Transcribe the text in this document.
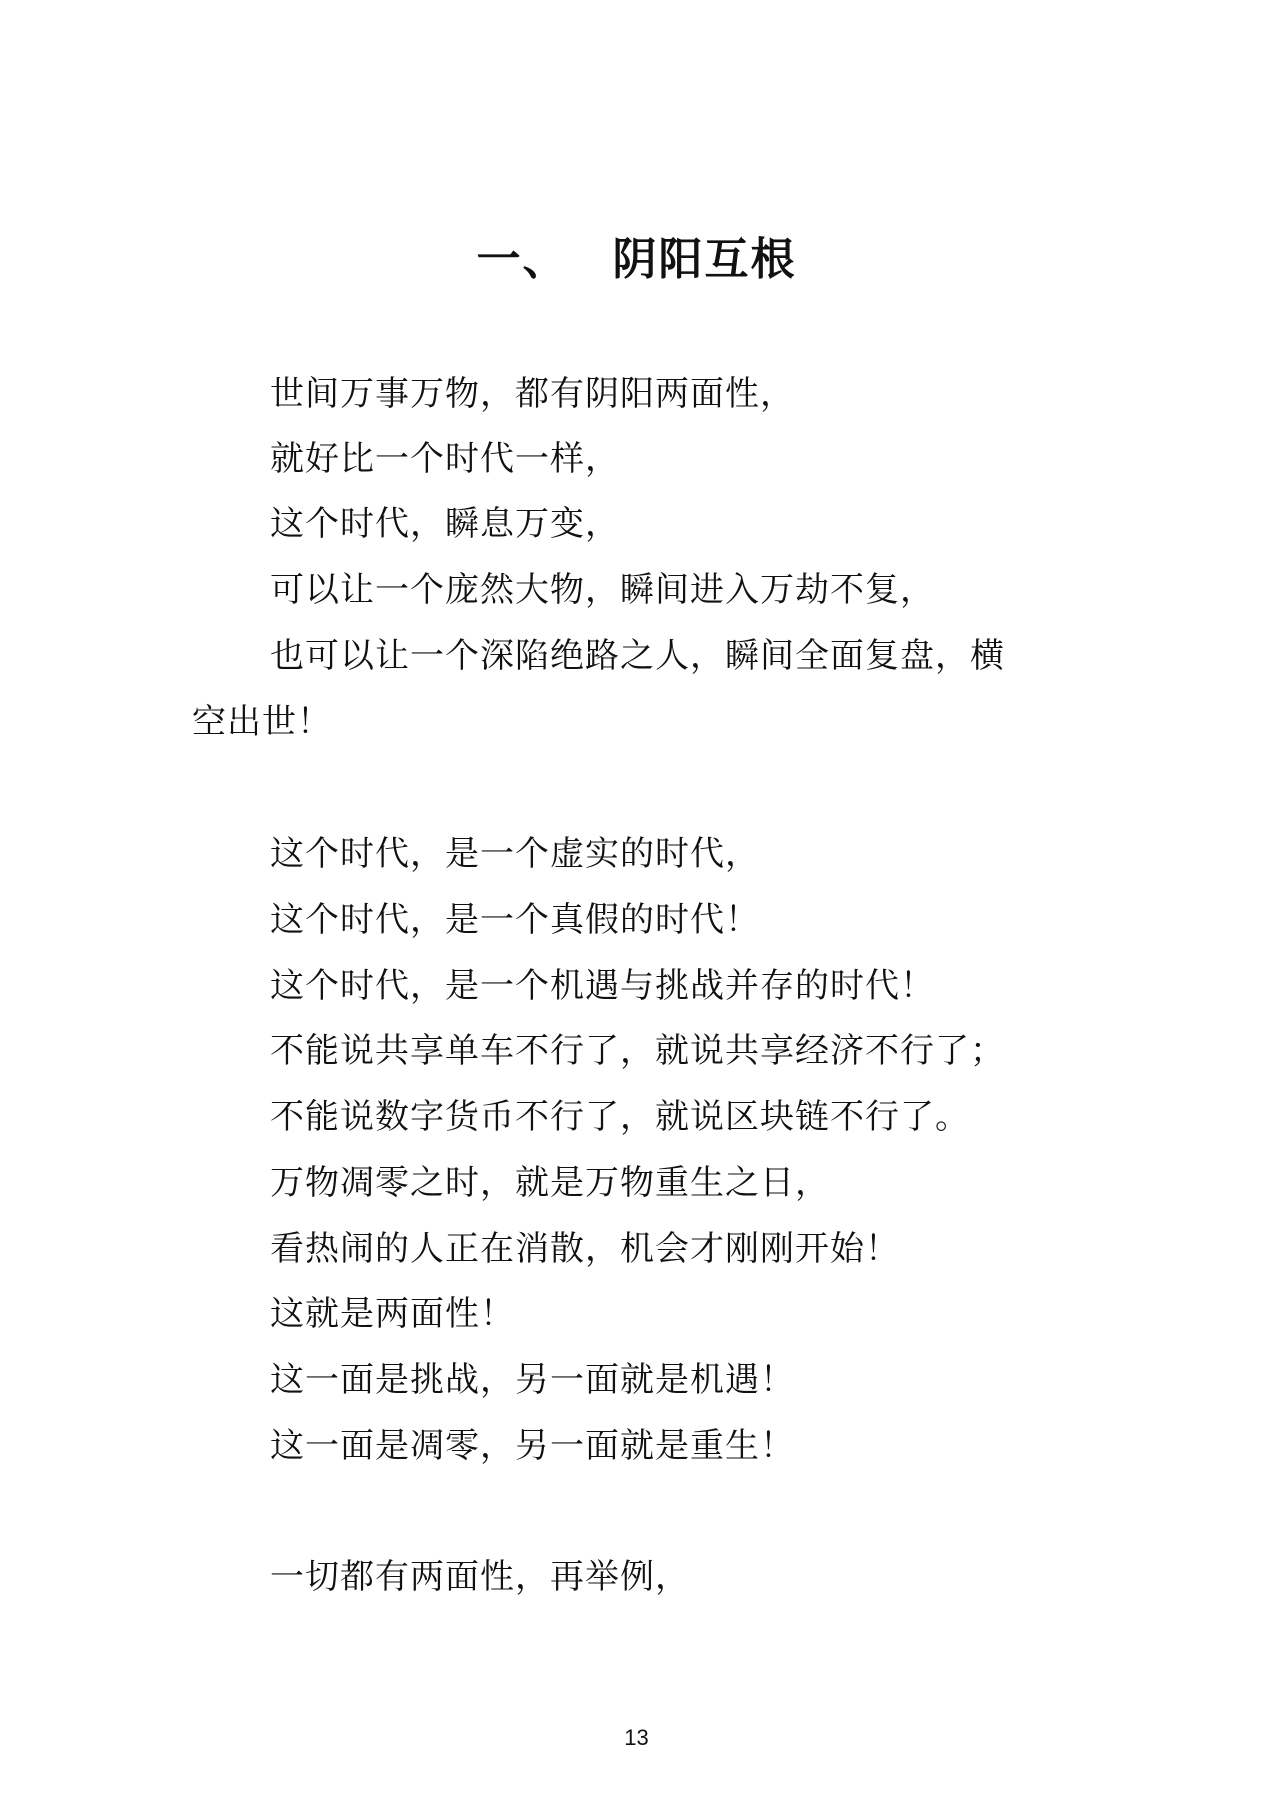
一、 阴阳互根
世间万事万物，都有阴阳两面性，
就好比一个时代一样，
这个时代，瞬息万变，
可以让一个庞然大物，瞬间进入万劫不复，
也可以让一个深陷绝路之人，瞬间全面复盘，横
空出世！
这个时代，是一个虚实的时代，
这个时代，是一个真假的时代！
这个时代，是一个机遇与挑战并存的时代！
不能说共享单车不行了，就说共享经济不行了；
不能说数字货币不行了，就说区块链不行了。
万物凋零之时，就是万物重生之日，
看热闹的人正在消散，机会才刚刚开始！
这就是两面性！
这一面是挑战，另一面就是机遇！
这一面是凋零，另一面就是重生！
一切都有两面性，再举例，
13
